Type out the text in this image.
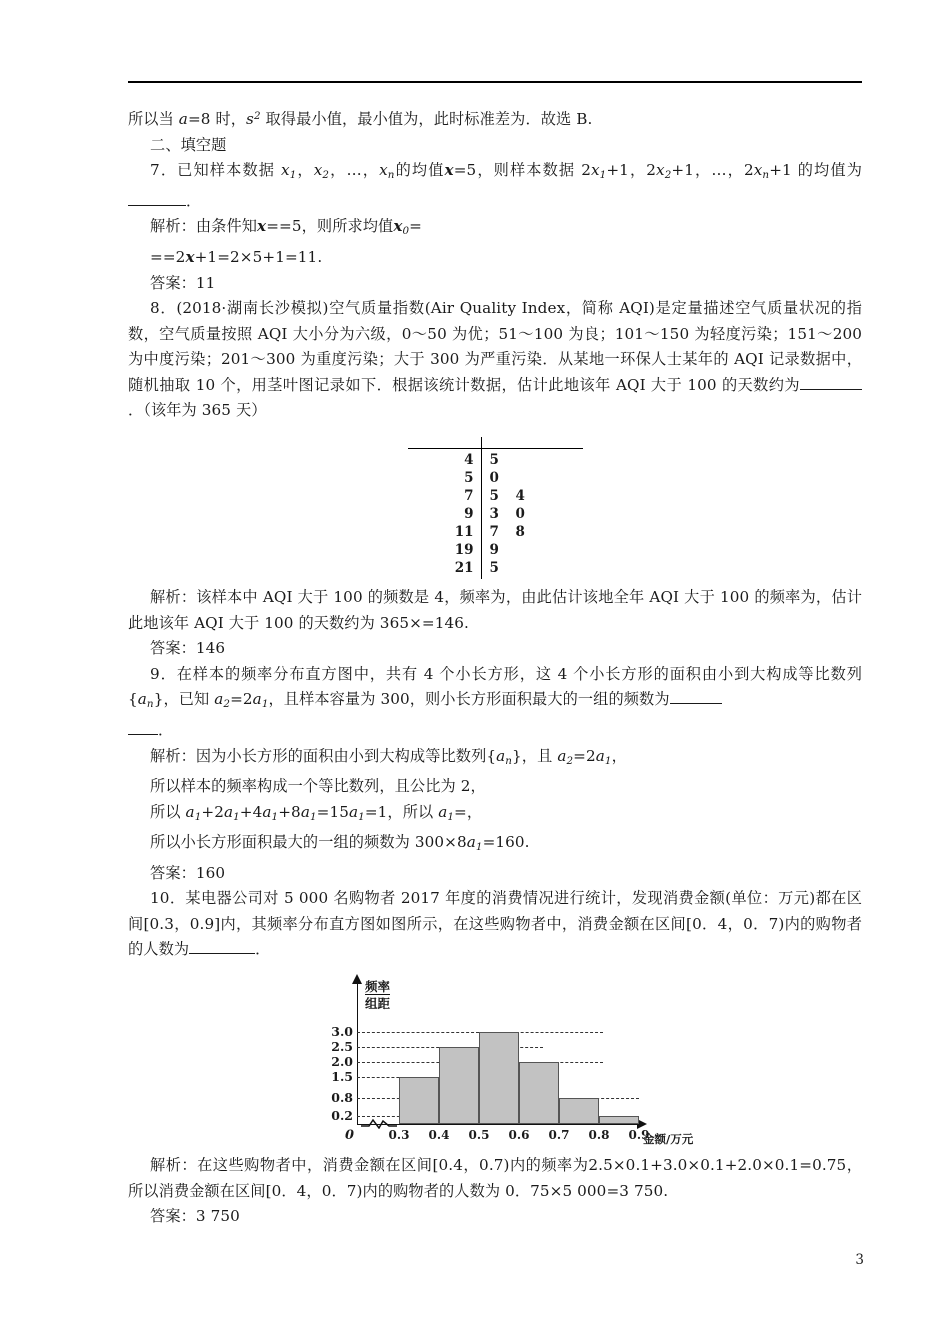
所以当 a=8 时，$s^2$ 取得最小值，最小值为，此时标准差为．故选 B.

二、填空题

7．已知样本数据 $x_1$，$x_2$，…，$x_n$的均值x=5，则样本数据 $2x_1+1$，$2x_2+1$，…，$2x_n+1$ 的均值为．

解析：由条件知x==5，则所求均值$x_0=$

==2x+1=2×5+1=11.

答案：11

8．(2018·湖南长沙模拟)空气质量指数(Air Quality Index，简称 AQI)是定量描述空气质量状况的指数，空气质量按照 AQI 大小分为六级，0～50 为优；51～100 为良；101～150 为轻度污染；151～200 为中度污染；201～300 为重度污染；大于 300 为严重污染．从某地一环保人士某年的 AQI 记录数据中，随机抽取 10 个，用茎叶图记录如下．根据该统计数据，估计此地该年 AQI 大于 100 的天数约为．（该年为 365 天）

4 5
5 0
7 5 4
9 3 0
11 7 8
19 9
21 5

解析：该样本中 AQI 大于 100 的频数是 4，频率为，由此估计该地全年 AQI 大于 100 的频率为，估计此地该年 AQI 大于 100 的天数约为 365×=146.

答案：146

9．在样本的频率分布直方图中，共有 4 个小长方形，这 4 个小长方形的面积由小到大构成等比数列$\{a_n\}$，已知 $a_2=2a_1$，且样本容量为 300，则小长方形面积最大的一组的频数为

．

解析：因为小长方形的面积由小到大构成等比数列$\{a_n\}$，且 $a_2=2a_1$，

所以样本的频率构成一个等比数列，且公比为 2，

所以 $a_1+2a_1+4a_1+8a_1=15a_1=1$，所以 $a_1=$，

所以小长方形面积最大的一组的频数为 $300\times 8a_1=160$.

答案：160

10．某电器公司对 5 000 名购物者 2017 年度的消费情况进行统计，发现消费金额(单位：万元)都在区间[0.3，0.9]内，其频率分布直方图如图所示，在这些购物者中，消费金额在区间[0．4，0．7)内的购物者的人数为	．

频率
组距
3.0
2.5
2.0
1.5
0.8
0.2
0	0.3	0.4	0.5	0.6	0.7	0.8	0.9
金额/万元

解析：在这些购物者中，消费金额在区间[0.4，0.7)内的频率为2.5×0.1+3.0×0.1+2.0×0.1=0.75，所以消费金额在区间[0．4，0．7)内的购物者的人数为 0．75×5 000=3 750.

答案：3 750

3
